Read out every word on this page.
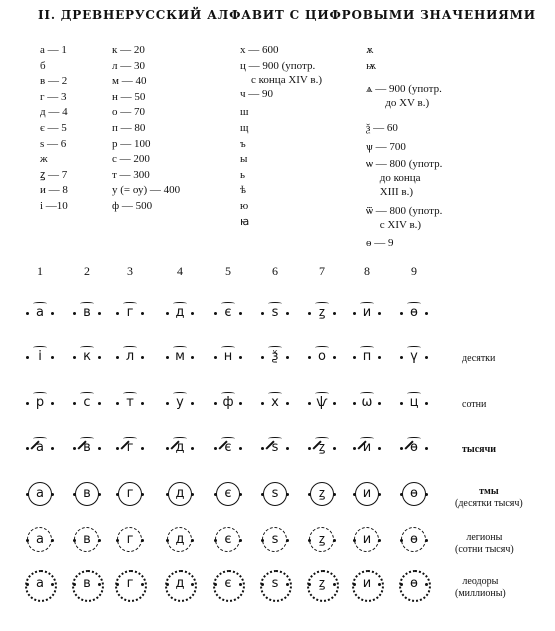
II. ДРЕВНЕРУССКИЙ АЛФАВИТ С ЦИФРОВЫМИ ЗНАЧЕНИЯМИ
а — 1
б
в — 2
г — 3
д — 4
є — 5
ѕ — 6
ж
ꙁ — 7
и — 8
і —10
к — 20
л — 30
м — 40
н — 50
о — 70
п — 80
р — 100
с — 200
т — 300
у (= оу) — 400
ф — 500
х — 600
ц — 900 (употр.
с конца XIV в.)
ч — 90
ш
щ
ъ
ы
ь
ѣ
ю
ꙗ
ѫ
ѭ
ѧ — 900 (употр.
до XV в.)
ѯ — 60
ѱ — 700
ѡ — 800 (употр.
до конца
XIII в.)
ѿ — 800 (употр.
с XIV в.)
ѳ — 9
1	2	3	4	5	6	7	8	9
а	в	г	д	є	ѕ	ꙁ	и	ѳ
і	к	л	м	н	ѯ	о	п	ү	десятки
р	с	т	у	ф	х	ѱ	ѡ	ц	сотни
а	в	г	д	є	ѕ	ꙁ	и	ѳ	тысячи
а	в	г	д	є	ѕ	ꙁ	и	ѳ	тмы
(десятки тысяч)
а	в	г	д	є	ѕ	ꙁ	и	ѳ	легионы
(сотни тысяч)
а	в	г	д	є	ѕ	ꙁ	и	ѳ	леодоры
(миллионы)
